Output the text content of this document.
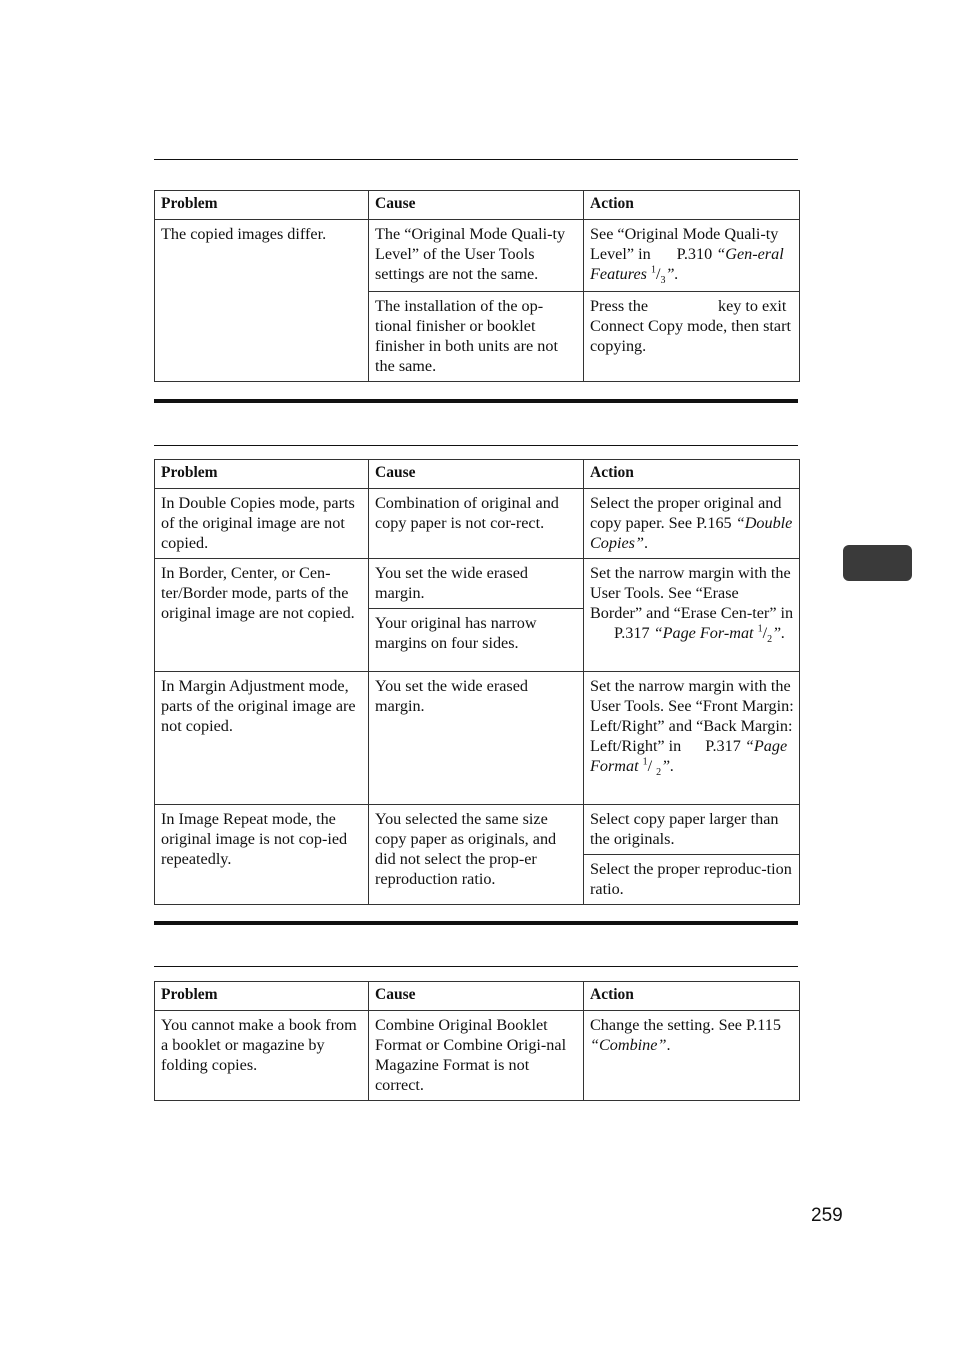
Problem	Cause	Action
The copied images differ.	The “Original Mode Quali-ty Level” of the User Tools settings are not the same.	See “Original Mode Quali-ty Level” in P.310 “Gen-eral Features $^1/_3$”.
	The installation of the op-tional finisher or booklet finisher in both units are not the same.	Press the key to exit Connect Copy mode, then start copying.
Problem	Cause	Action
In Double Copies mode, parts of the original image are not copied.	Combination of original and copy paper is not cor-rect.	Select the proper original and copy paper. See P.165 “Double Copies”.
In Border, Center, or Cen-ter/Border mode, parts of the original image are not copied.	You set the wide erased margin.	Set the narrow margin with the User Tools. See “Erase Border” and “Erase Cen-ter” inP.317 “Page For-mat $^1/_2$”.
	Your original has narrow margins on four sides.	
In Margin Adjustment mode, parts of the original image are not copied.	You set the wide erased margin.	Set the narrow margin with the User Tools. See “Front Margin: Left/Right” and “Back Margin: Left/Right” in P.317 “Page Format $^1$/ $_2$”.
In Image Repeat mode, the original image is not cop-ied repeatedly.	You selected the same size copy paper as originals, and did not select the prop-er reproduction ratio.	Select copy paper larger than the originals.
		Select the proper reproduc-tion ratio.
Problem	Cause	Action
You cannot make a book from a booklet or magazine by folding copies.	Combine Original Booklet Format or Combine Origi-nal Magazine Format is not correct.	Change the setting. See P.115 “Combine”.
259
